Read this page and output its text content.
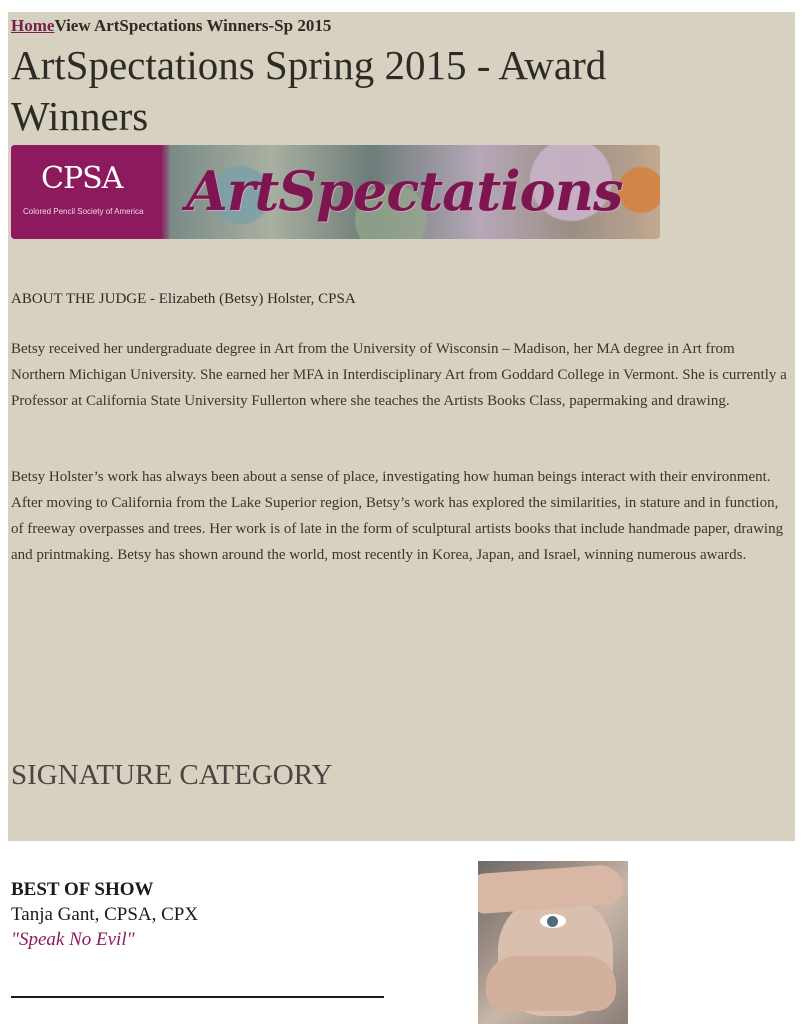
HomeView ArtSpectations Winners-Sp 2015
ArtSpectations Spring 2015 - Award Winners
CPSA
Colored Pencil Society of America ArtSpectations
ABOUT THE JUDGE - Elizabeth (Betsy) Holster, CPSA

Betsy received her undergraduate degree in Art from the University of Wisconsin – Madison, her MA degree in Art from Northern Michigan University. She earned her MFA in Interdisciplinary Art from Goddard College in Vermont. She is currently a Professor at California State University Fullerton where she teaches the Artists Books Class, papermaking and drawing.

Betsy Holster’s work has always been about a sense of place, investigating how human beings interact with their environment. After moving to California from the Lake Superior region, Betsy’s work has explored the similarities, in stature and in function, of freeway overpasses and trees. Her work is of late in the form of sculptural artists books that include handmade paper, drawing and printmaking. Betsy has shown around the world, most recently in Korea, Japan, and Israel, winning numerous awards.

SIGNATURE CATEGORY
BEST OF SHOW
Tanja Gant, CPSA, CPX
"Speak No Evil"
